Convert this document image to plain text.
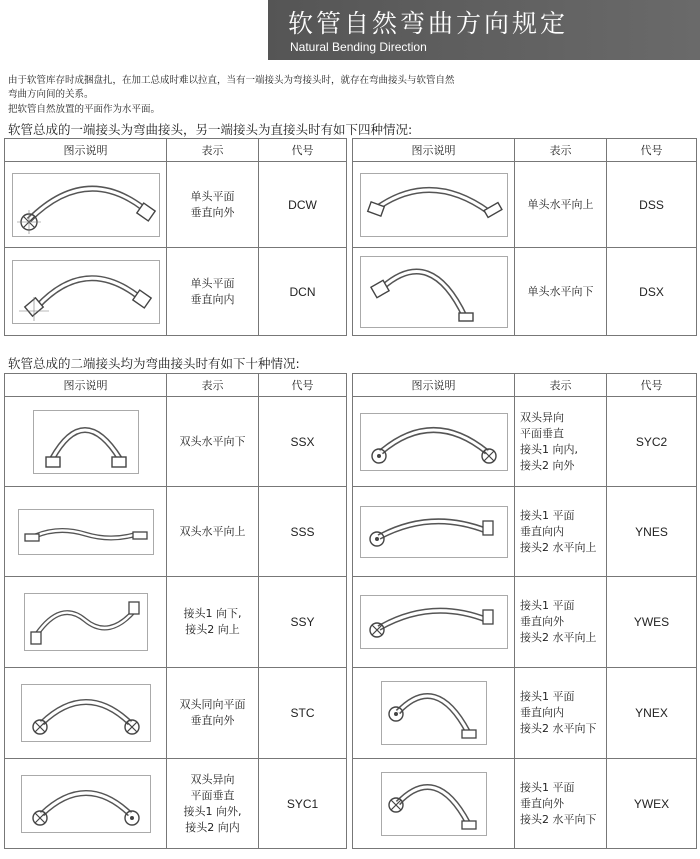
软管自然弯曲方向规定
Natural Bending Direction
由于软管库存时成捆盘扎，在加工总成时难以拉直，当有一端接头为弯接头时，就存在弯曲接头与软管自然
弯曲方向间的关系。
把软管自然放置的平面作为水平面。
软管总成的一端接头为弯曲接头，另一端接头为直接头时有如下四种情况:
图示说明	表示	代号

	单头平面
垂直向外	DCW

	单头平面
垂直向内	DCN
图示说明	表示	代号

	单头水平向上	DSS

	单头水平向下	DSX
软管总成的二端接头均为弯曲接头时有如下十种情况:
图示说明	表示	代号

	双头水平向下	SSX

	双头水平向上	SSS

	接头1 向下,
接头2 向上	SSY

	双头同向平面
垂直向外	STC

	双头异向
平面垂直
接头1 向外,
接头2 向内	SYC1
图示说明	表示	代号

	双头异向
平面垂直
接头1 向内,
接头2 向外	SYC2

	接头1 平面
垂直向内
接头2 水平向上	YNES

	接头1 平面
垂直向外
接头2 水平向上	YWES

	接头1 平面
垂直向内
接头2 水平向下	YNEX

	接头1 平面
垂直向外
接头2 水平向下	YWEX
